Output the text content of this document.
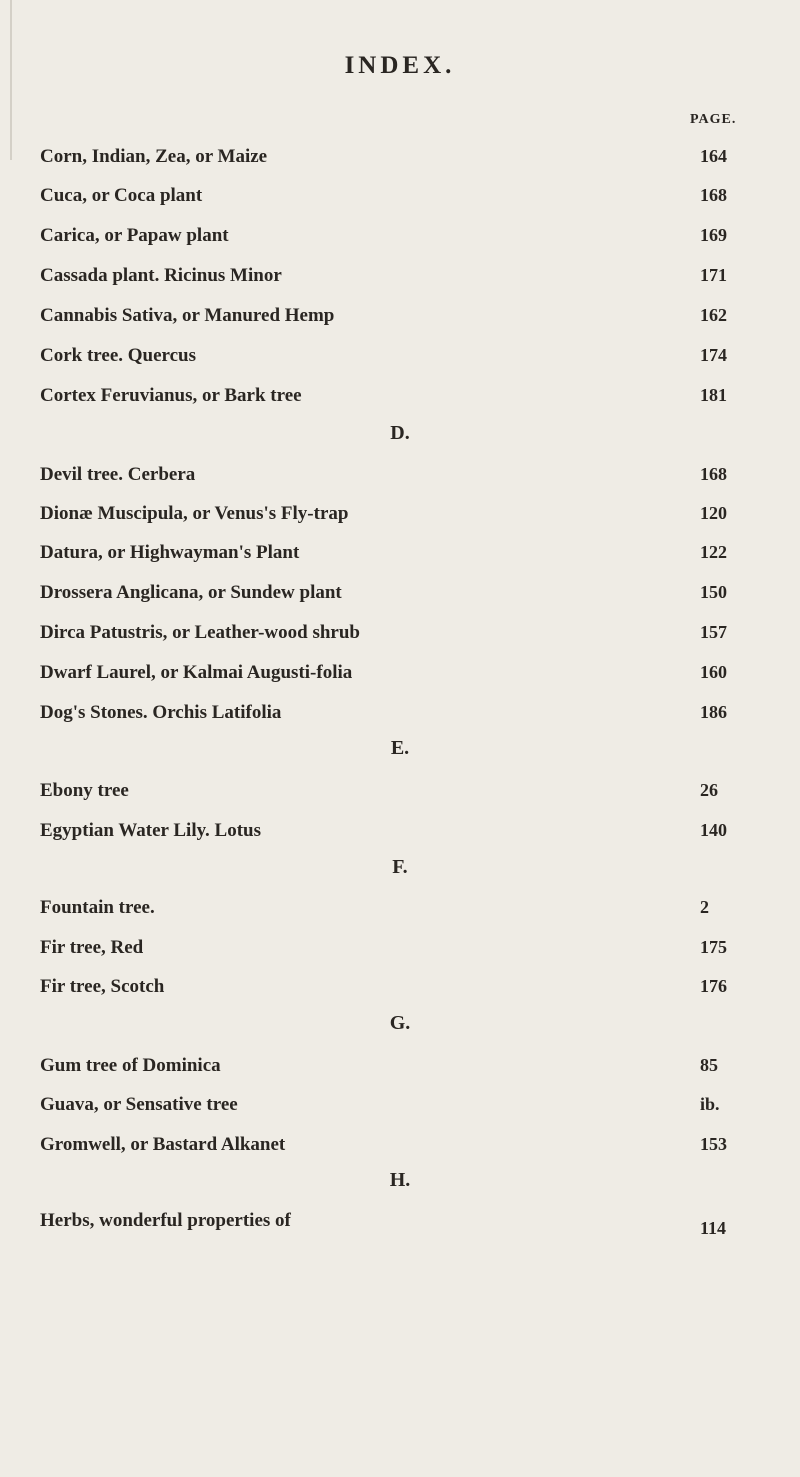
INDEX.
PAGE.
Corn, Indian, Zea, or Maize	164
Cuca, or Coca plant	168
Carica, or Papaw plant	169
Cassada plant. Ricinus Minor	171
Cannabis Sativa, or Manured Hemp	162
Cork tree. Quercus	174
Cortex Feruvianus, or Bark tree	181
D.
Devil tree. Cerbera	168
Dionæ Muscipula, or Venus's Fly-trap	120
Datura, or Highwayman's Plant	122
Drossera Anglicana, or Sundew plant	150
Dirca Patustris, or Leather-wood shrub	157
Dwarf Laurel, or Kalmai Augusti-folia	160
Dog's Stones. Orchis Latifolia	186
E.
Ebony tree	26
Egyptian Water Lily. Lotus	140
F.
Fountain tree.	2
Fir tree, Red	175
Fir tree, Scotch	176
G.
Gum tree of Dominica	85
Guava, or Sensative tree	ib.
Gromwell, or Bastard Alkanet	153
H.
Herbs, wonderful properties of	114
